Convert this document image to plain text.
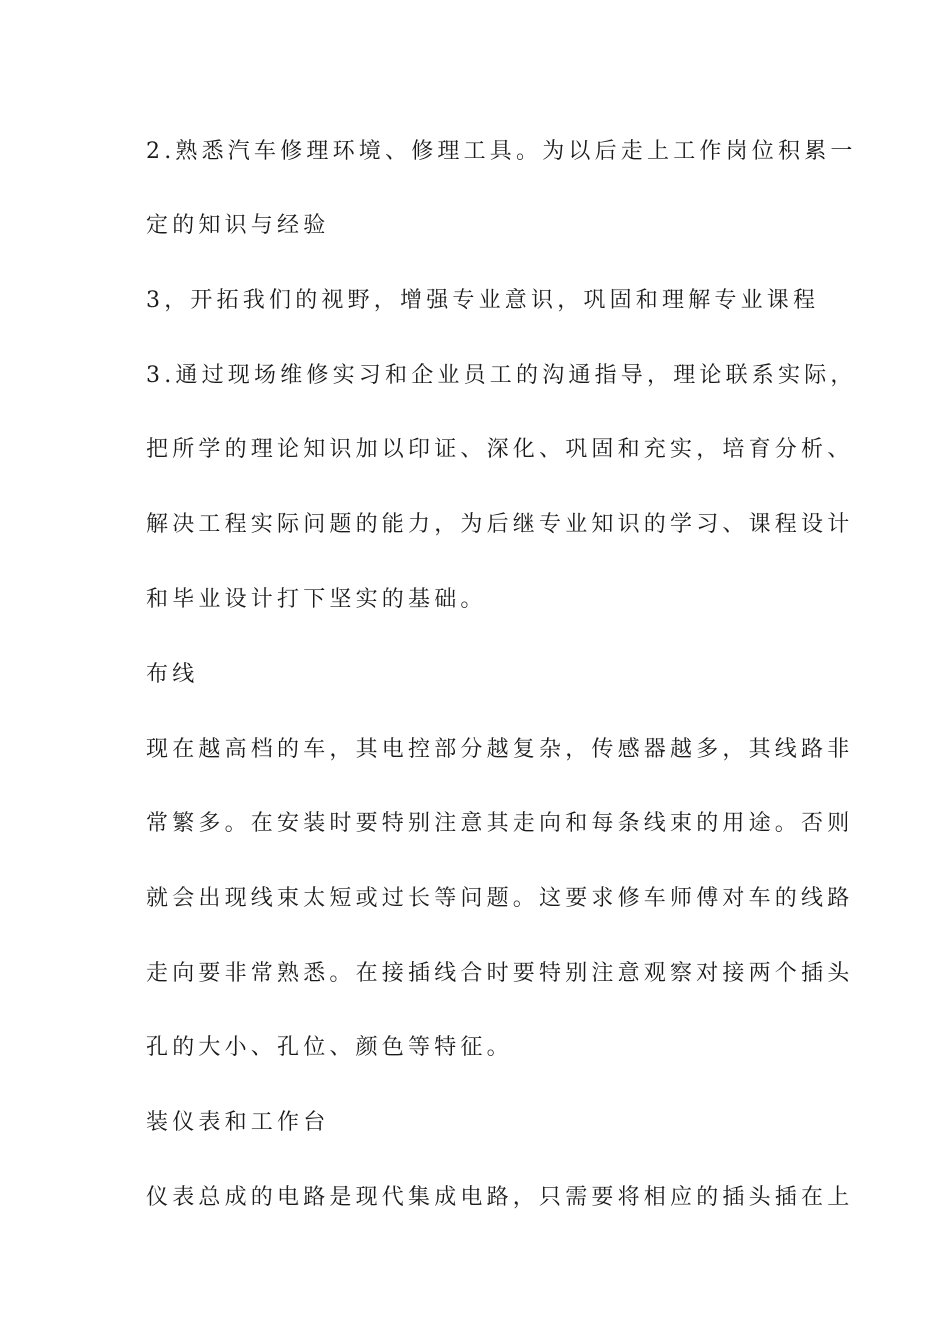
2.熟悉汽车修理环境、修理工具。为以后走上工作岗位积累一
定的知识与经验
3，开拓我们的视野，增强专业意识，巩固和理解专业课程
3.通过现场维修实习和企业员工的沟通指导，理论联系实际，
把所学的理论知识加以印证、深化、巩固和充实，培育分析、
解决工程实际问题的能力，为后继专业知识的学习、课程设计
和毕业设计打下坚实的基础。
布线
现在越高档的车，其电控部分越复杂，传感器越多，其线路非
常繁多。在安装时要特别注意其走向和每条线束的用途。否则
就会出现线束太短或过长等问题。这要求修车师傅对车的线路
走向要非常熟悉。在接插线合时要特别注意观察对接两个插头
孔的大小、孔位、颜色等特征。
装仪表和工作台
仪表总成的电路是现代集成电路，只需要将相应的插头插在上
